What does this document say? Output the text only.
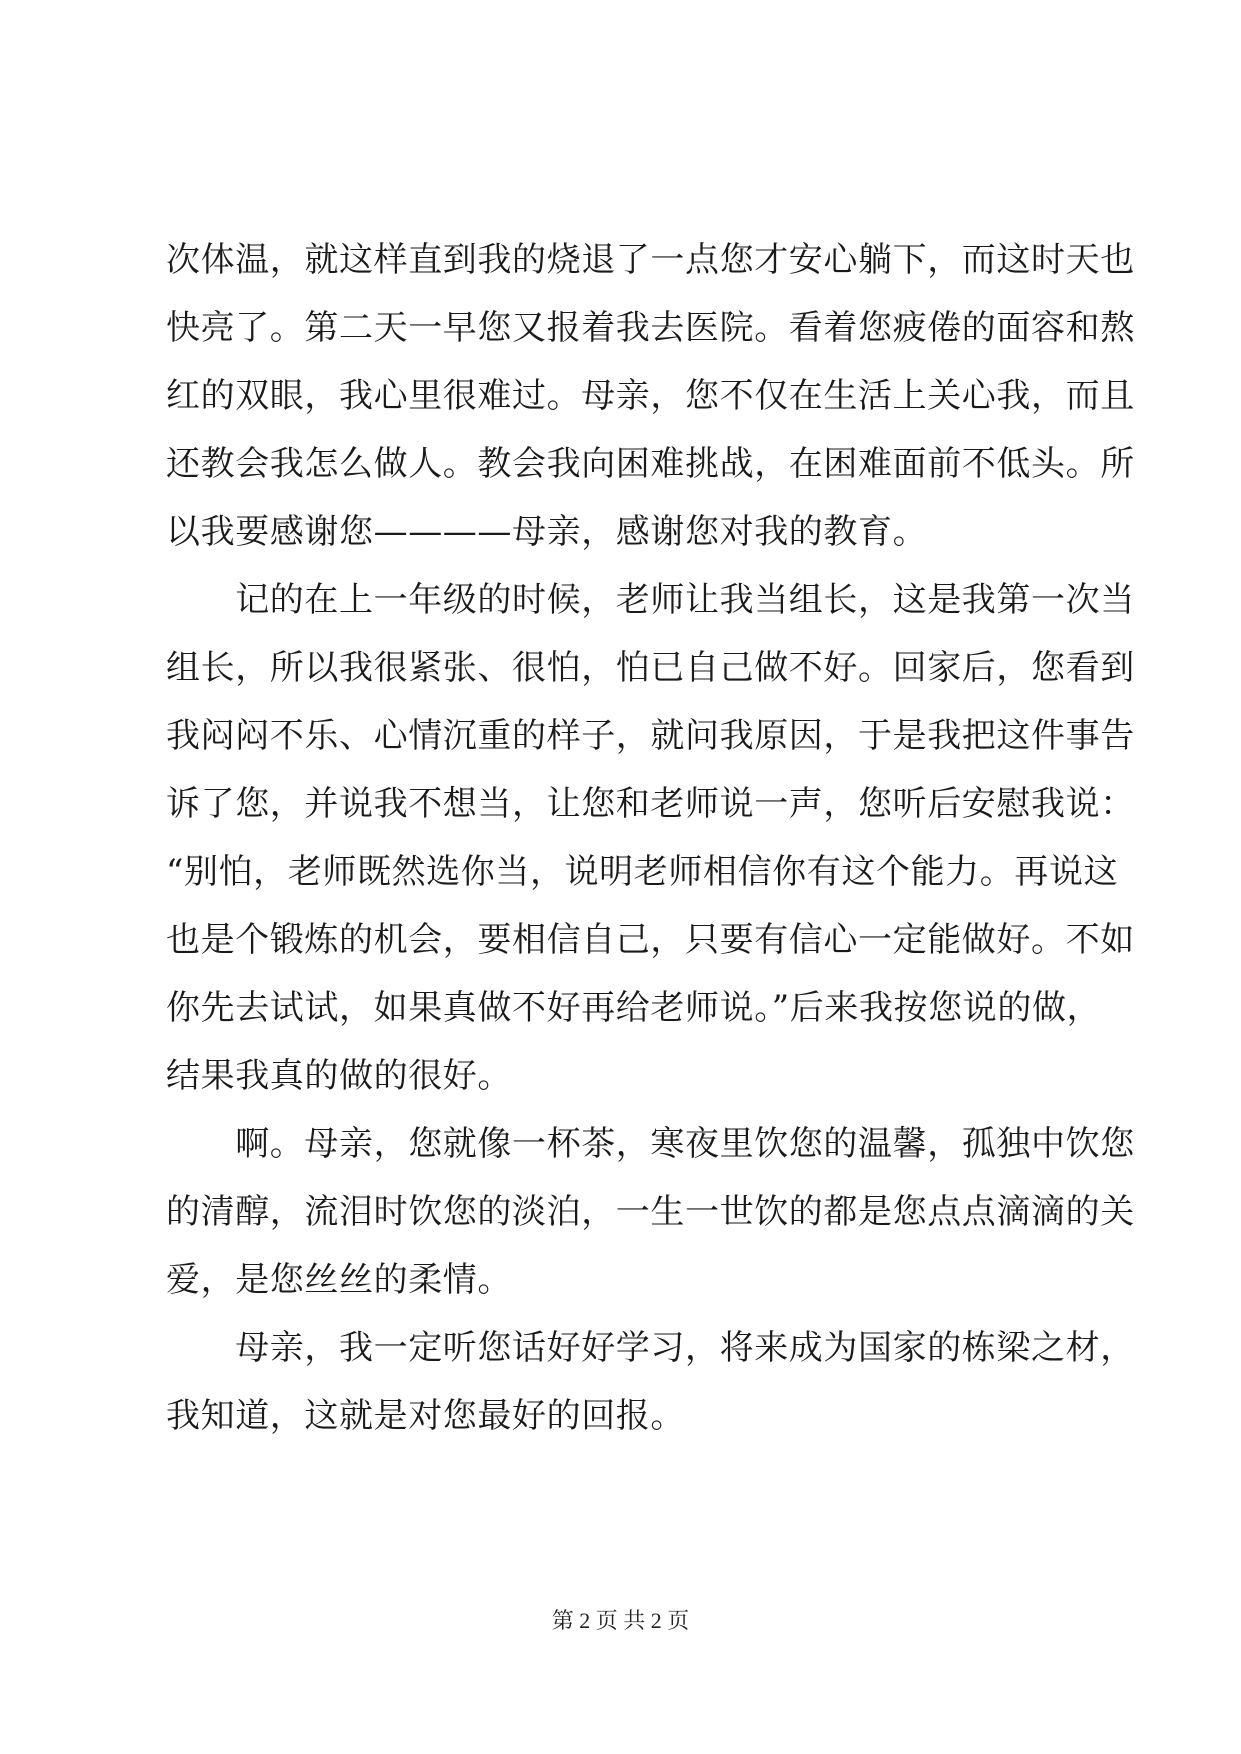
次体温，就这样直到我的烧退了一点您才安心躺下，而这时天也
快亮了。第二天一早您又报着我去医院。看着您疲倦的面容和熬
红的双眼，我心里很难过。母亲，您不仅在生活上关心我，而且
还教会我怎么做人。教会我向困难挑战，在困难面前不低头。所
以我要感谢您————母亲，感谢您对我的教育。
　　记的在上一年级的时候，老师让我当组长，这是我第一次当
组长，所以我很紧张、很怕，怕已自己做不好。回家后，您看到
我闷闷不乐、心情沉重的样子，就问我原因，于是我把这件事告
诉了您，并说我不想当，让您和老师说一声，您听后安慰我说：
“别怕，老师既然选你当，说明老师相信你有这个能力。再说这
也是个锻炼的机会，要相信自己，只要有信心一定能做好。不如
你先去试试，如果真做不好再给老师说。”后来我按您说的做，
结果我真的做的很好。
　　啊。母亲，您就像一杯茶，寒夜里饮您的温馨，孤独中饮您
的清醇，流泪时饮您的淡泊，一生一世饮的都是您点点滴滴的关
爱，是您丝丝的柔情。
　　母亲，我一定听您话好好学习，将来成为国家的栋梁之材，
我知道，这就是对您最好的回报。
第 2 页 共 2 页
